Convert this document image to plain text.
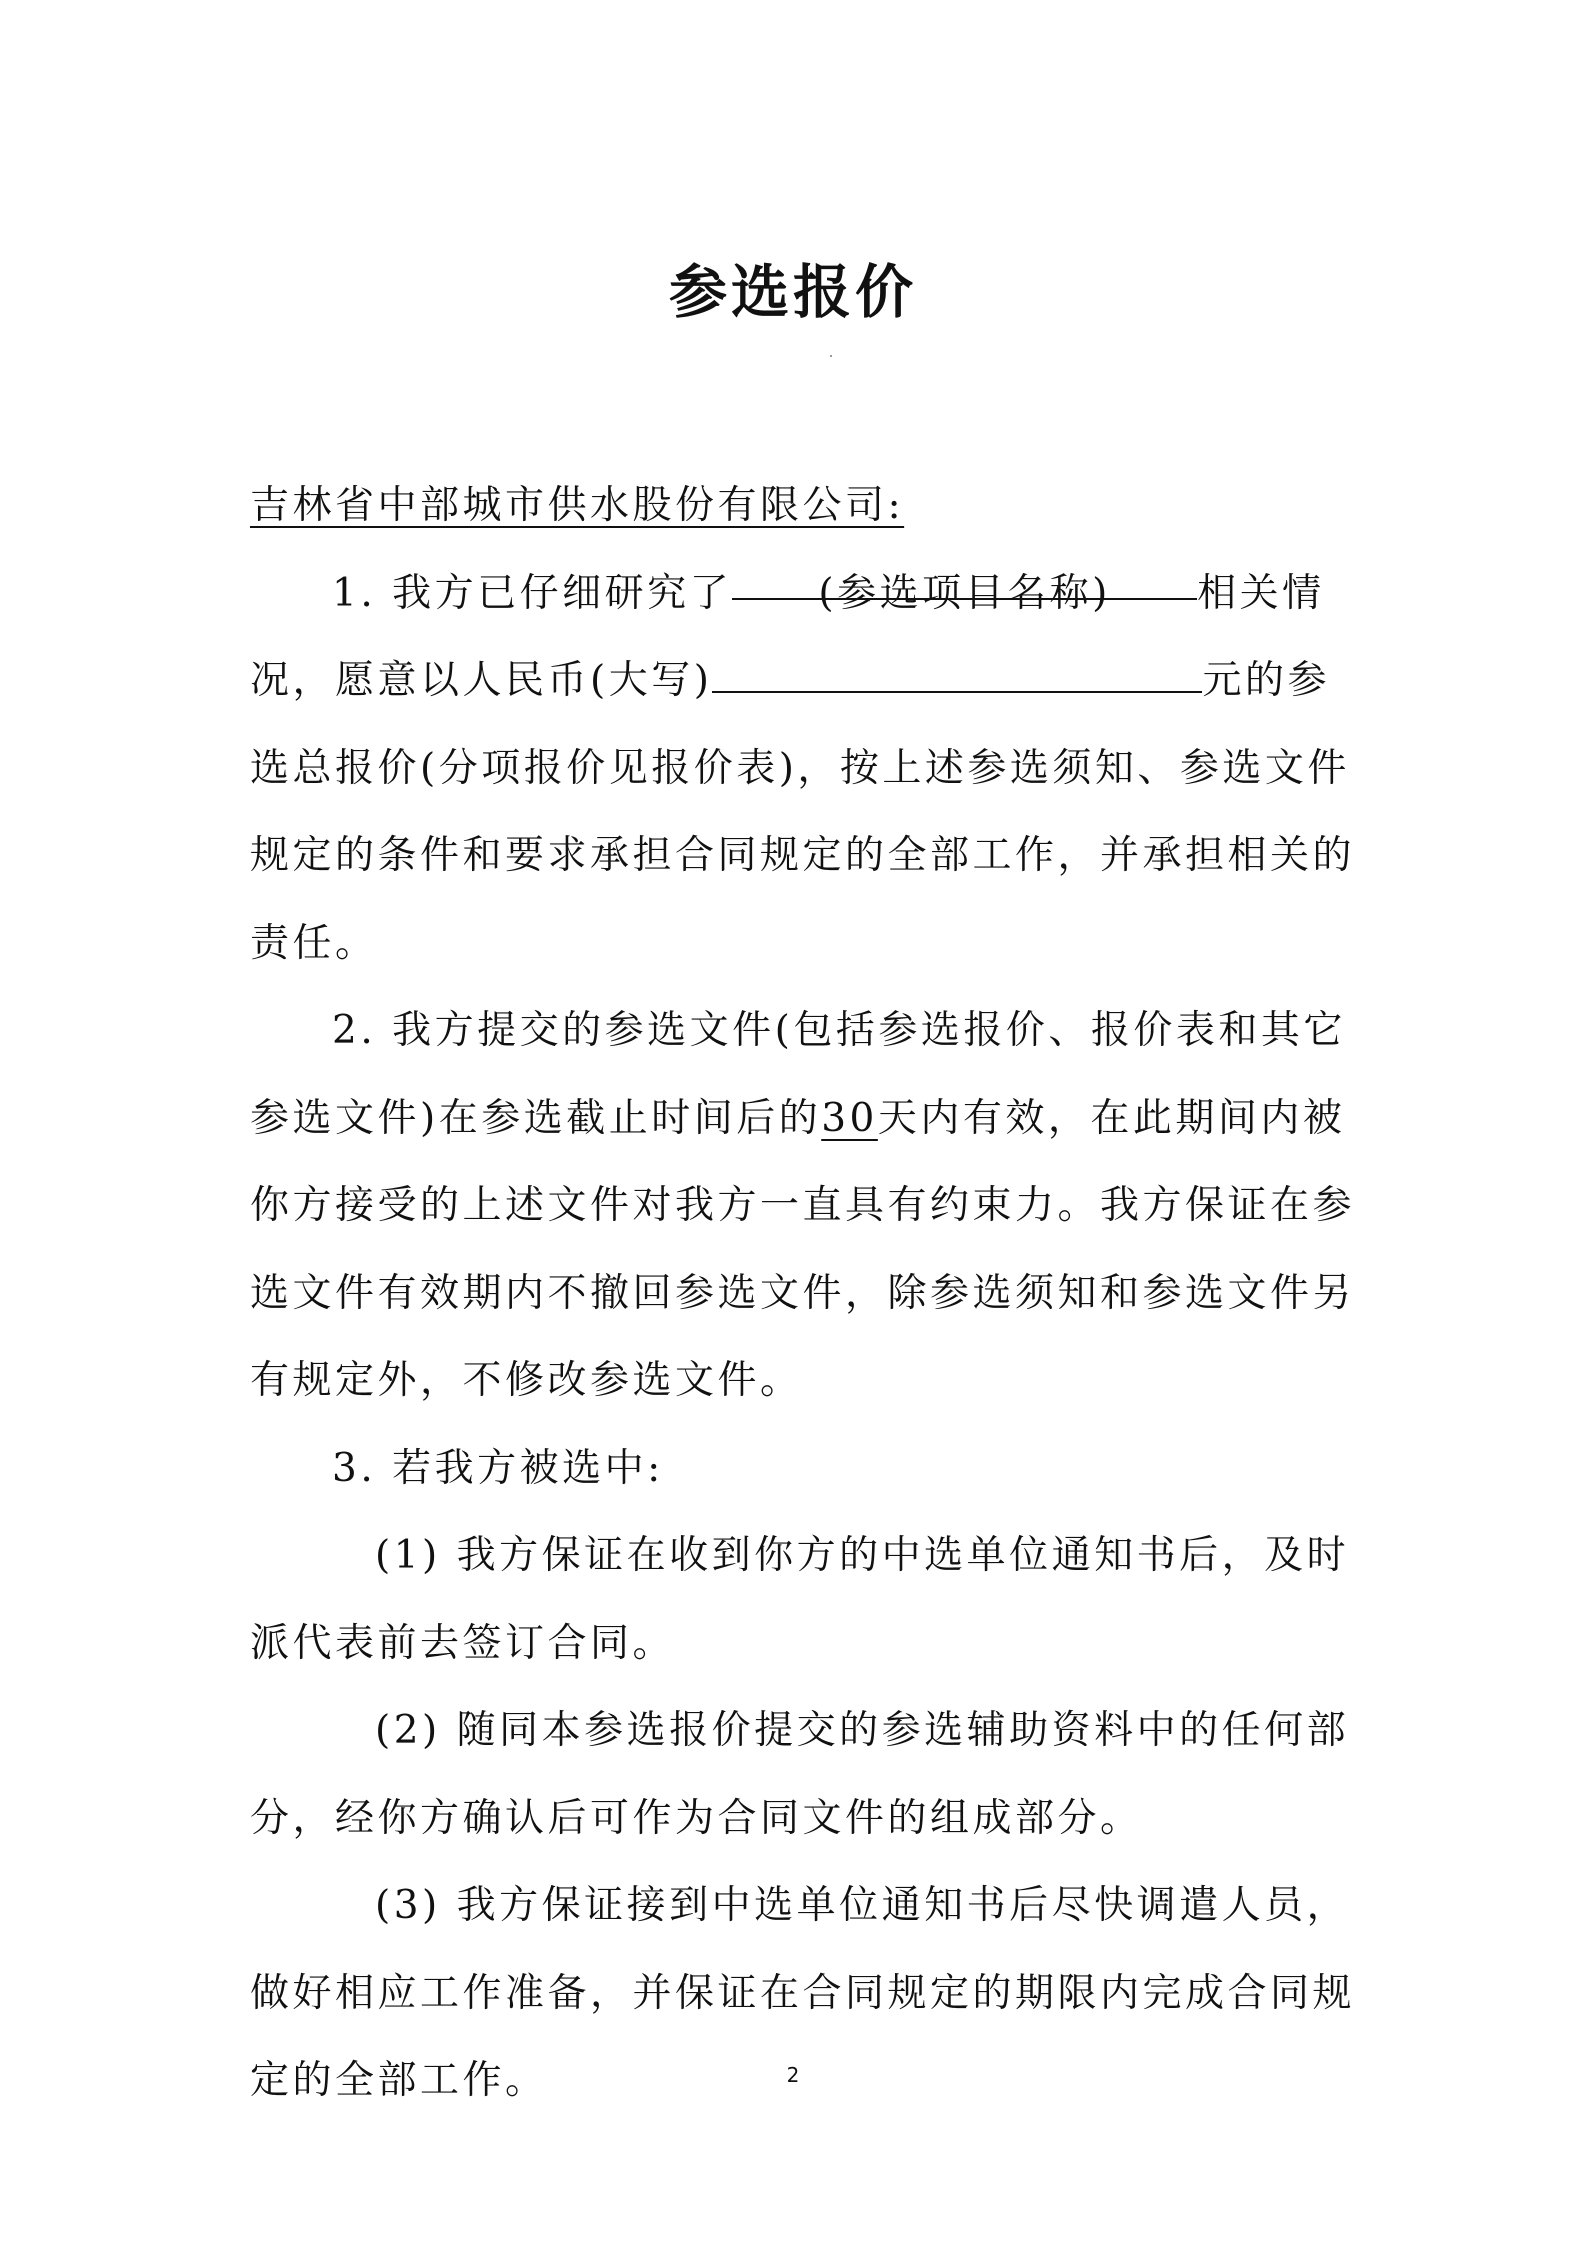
参选报价
吉林省中部城市供水股份有限公司:
1. 我方已仔细研究了 (参选项目名称) 相关情
况，愿意以人民币(大写)	元的参
选总报价(分项报价见报价表)，按上述参选须知、参选文件
规定的条件和要求承担合同规定的全部工作，并承担相关的
责任。
2. 我方提交的参选文件(包括参选报价、报价表和其它
参选文件)在参选截止时间后的30天内有效，在此期间内被
你方接受的上述文件对我方一直具有约束力。我方保证在参
选文件有效期内不撤回参选文件，除参选须知和参选文件另
有规定外，不修改参选文件。
3. 若我方被选中:
(1) 我方保证在收到你方的中选单位通知书后，及时
派代表前去签订合同。
(2) 随同本参选报价提交的参选辅助资料中的任何部
分，经你方确认后可作为合同文件的组成部分。
(3) 我方保证接到中选单位通知书后尽快调遣人员，
做好相应工作准备，并保证在合同规定的期限内完成合同规
定的全部工作。	2
